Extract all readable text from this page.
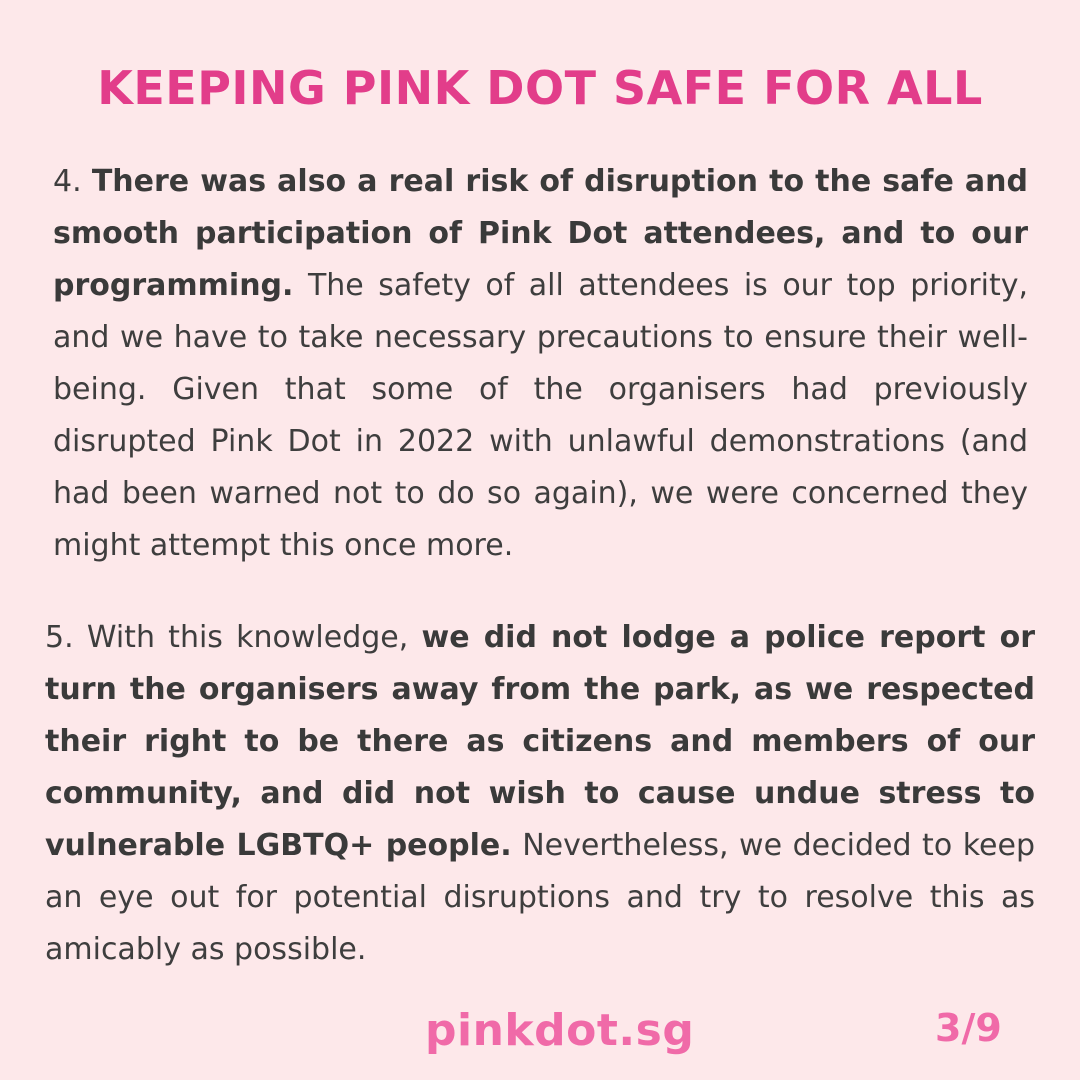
KEEPING PINK DOT SAFE FOR ALL

4. There was also a real risk of disruption to the safe and smooth participation of Pink Dot attendees, and to our programming. The safety of all attendees is our top priority, and we have to take necessary precautions to ensure their well-being. Given that some of the organisers had previously disrupted Pink Dot in 2022 with unlawful demonstrations (and had been warned not to do so again), we were concerned they might attempt this once more.

5. With this knowledge, we did not lodge a police report or turn the organisers away from the park, as we respected their right to be there as citizens and members of our community, and did not wish to cause undue stress to vulnerable LGBTQ+ people. Nevertheless, we decided to keep an eye out for potential disruptions and try to resolve this as amicably as possible.

pinkdot.sg	3/9
